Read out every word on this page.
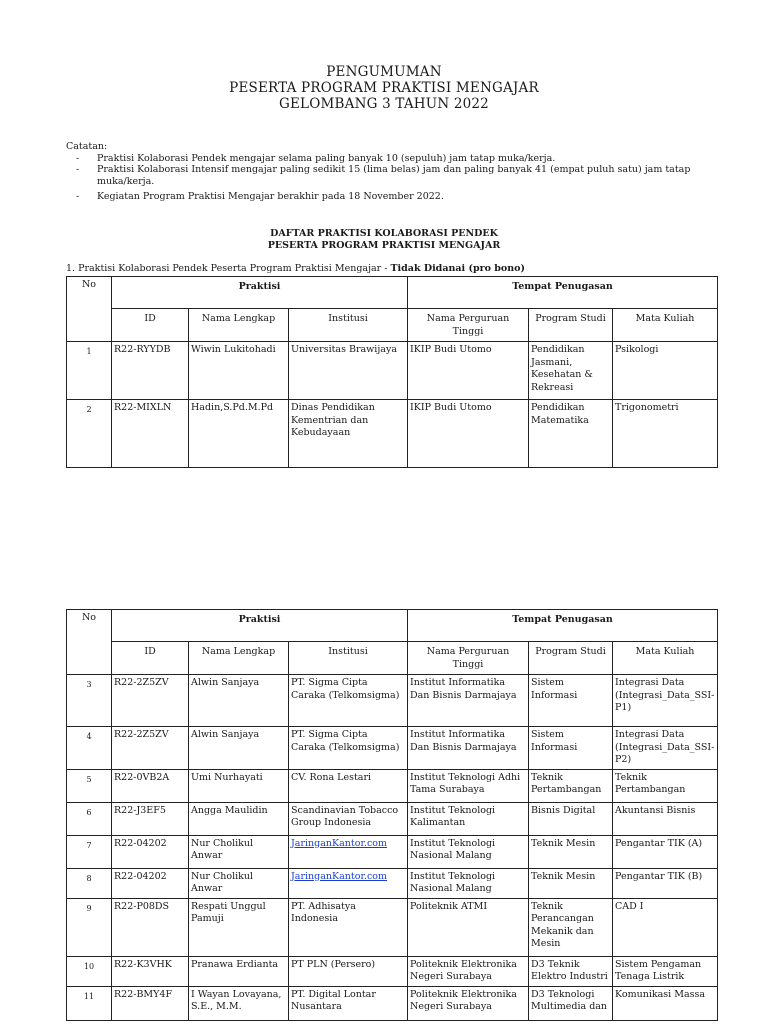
PENGUMUMAN
PESERTA PROGRAM PRAKTISI MENGAJAR
GELOMBANG 3 TAHUN 2022
Catatan:
-	Praktisi Kolaborasi Pendek mengajar selama paling banyak 10 (sepuluh) jam tatap muka/kerja.
-	Praktisi Kolaborasi Intensif mengajar paling sedikit 15 (lima belas) jam dan paling banyak 41 (empat puluh satu) jam tatap muka/kerja.
-	Kegiatan Program Praktisi Mengajar berakhir pada 18 November 2022.
DAFTAR PRAKTISI KOLABORASI PENDEK
PESERTA PROGRAM PRAKTISI MENGAJAR
1. Praktisi Kolaborasi Pendek Peserta Program Praktisi Mengajar - Tidak Didanai (pro bono)
No	Praktisi			Tempat Penugasan		
	ID	Nama Lengkap	Institusi	Nama Perguruan Tinggi	Program Studi	Mata Kuliah
1	R22-RYYDB	Wiwin Lukitohadi	Universitas Brawijaya	IKIP Budi Utomo	Pendidikan Jasmani, Kesehatan & Rekreasi	Psikologi
2	R22-MIXLN	Hadin,S.Pd.M.Pd	Dinas Pendidikan Kementrian dan Kebudayaan	IKIP Budi Utomo	Pendidikan Matematika	Trigonometri
No	Praktisi			Tempat Penugasan		
	ID	Nama Lengkap	Institusi	Nama Perguruan Tinggi	Program Studi	Mata Kuliah
3	R22-2Z5ZV	Alwin Sanjaya	PT. Sigma Cipta Caraka (Telkomsigma)	Institut Informatika Dan Bisnis Darmajaya	Sistem Informasi	Integrasi Data (Integrasi_Data_SSI-P1)
4	R22-2Z5ZV	Alwin Sanjaya	PT. Sigma Cipta Caraka (Telkomsigma)	Institut Informatika Dan Bisnis Darmajaya	Sistem Informasi	Integrasi Data (Integrasi_Data_SSI-P2)
5	R22-0VB2A	Umi Nurhayati	CV. Rona Lestari	Institut Teknologi Adhi Tama Surabaya	Teknik Pertambangan	Teknik Pertambangan
6	R22-J3EF5	Angga Maulidin	Scandinavian Tobacco Group Indonesia	Institut Teknologi Kalimantan	Bisnis Digital	Akuntansi Bisnis
7	R22-04202	Nur Cholikul Anwar	JaringanKantor.com	Institut Teknologi Nasional Malang	Teknik Mesin	Pengantar TIK (A)
8	R22-04202	Nur Cholikul Anwar	JaringanKantor.com	Institut Teknologi Nasional Malang	Teknik Mesin	Pengantar TIK (B)
9	R22-P08DS	Respati Unggul Pamuji	PT. Adhisatya Indonesia	Politeknik ATMI	Teknik Perancangan Mekanik dan Mesin	CAD I
10	R22-K3VHK	Pranawa Erdianta	PT PLN (Persero)	Politeknik Elektronika Negeri Surabaya	D3 Teknik Elektro Industri	Sistem Pengaman Tenaga Listrik
11	R22-BMY4F	I Wayan Lovayana, S.E., M.M.	PT. Digital Lontar Nusantara	Politeknik Elektronika Negeri Surabaya	D3 Teknologi Multimedia dan	Komunikasi Massa
